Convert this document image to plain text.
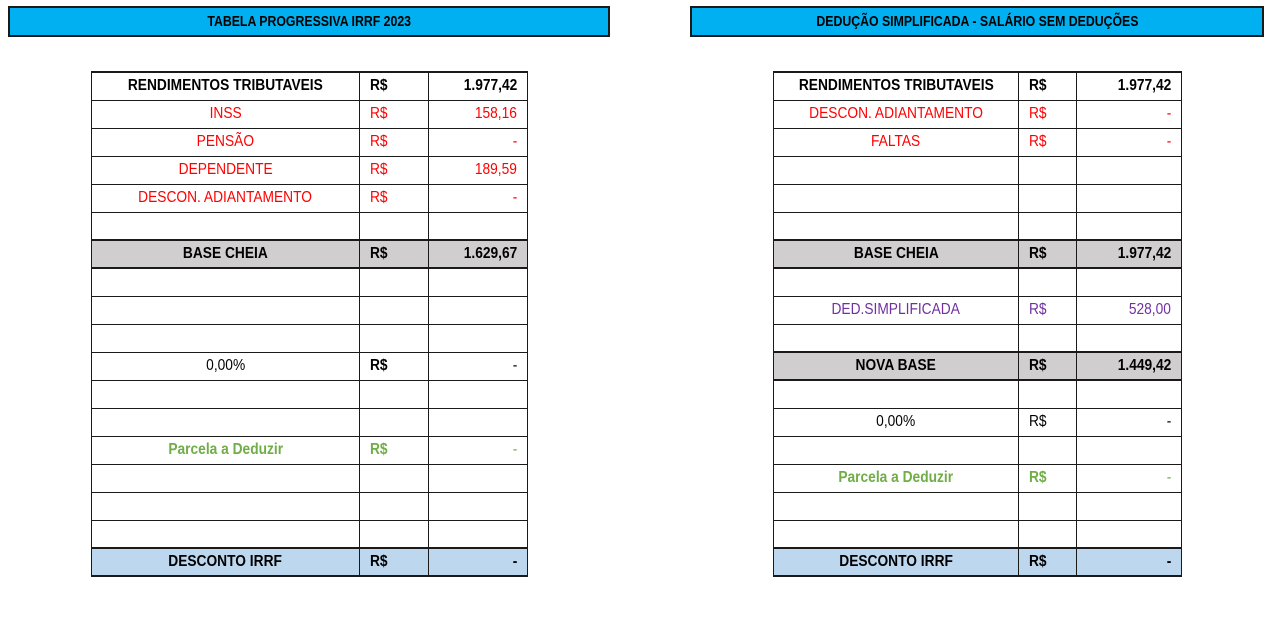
TABELA PROGRESSIVA IRRF 2023	DEDUÇÃO SIMPLIFICADA - SALÁRIO SEM DEDUÇÕES
RENDIMENTOS TRIBUTAVEIS	R$	1.977,42
INSS	R$	158,16
PENSÃO	R$	-
DEPENDENTE	R$	189,59
DESCON. ADIANTAMENTO	R$	-

BASE CHEIA	R$	1.629,67

0,00%	R$	-

Parcela a Deduzir	R$	-

DESCONTO IRRF	R$	-
RENDIMENTOS TRIBUTAVEIS	R$	1.977,42
DESCON. ADIANTAMENTO	R$	-
FALTAS	R$	-

BASE CHEIA	R$	1.977,42

DED.SIMPLIFICADA	R$	528,00

NOVA BASE	R$	1.449,42

0,00%	R$	-

Parcela a Deduzir	R$	-

DESCONTO IRRF	R$	-
